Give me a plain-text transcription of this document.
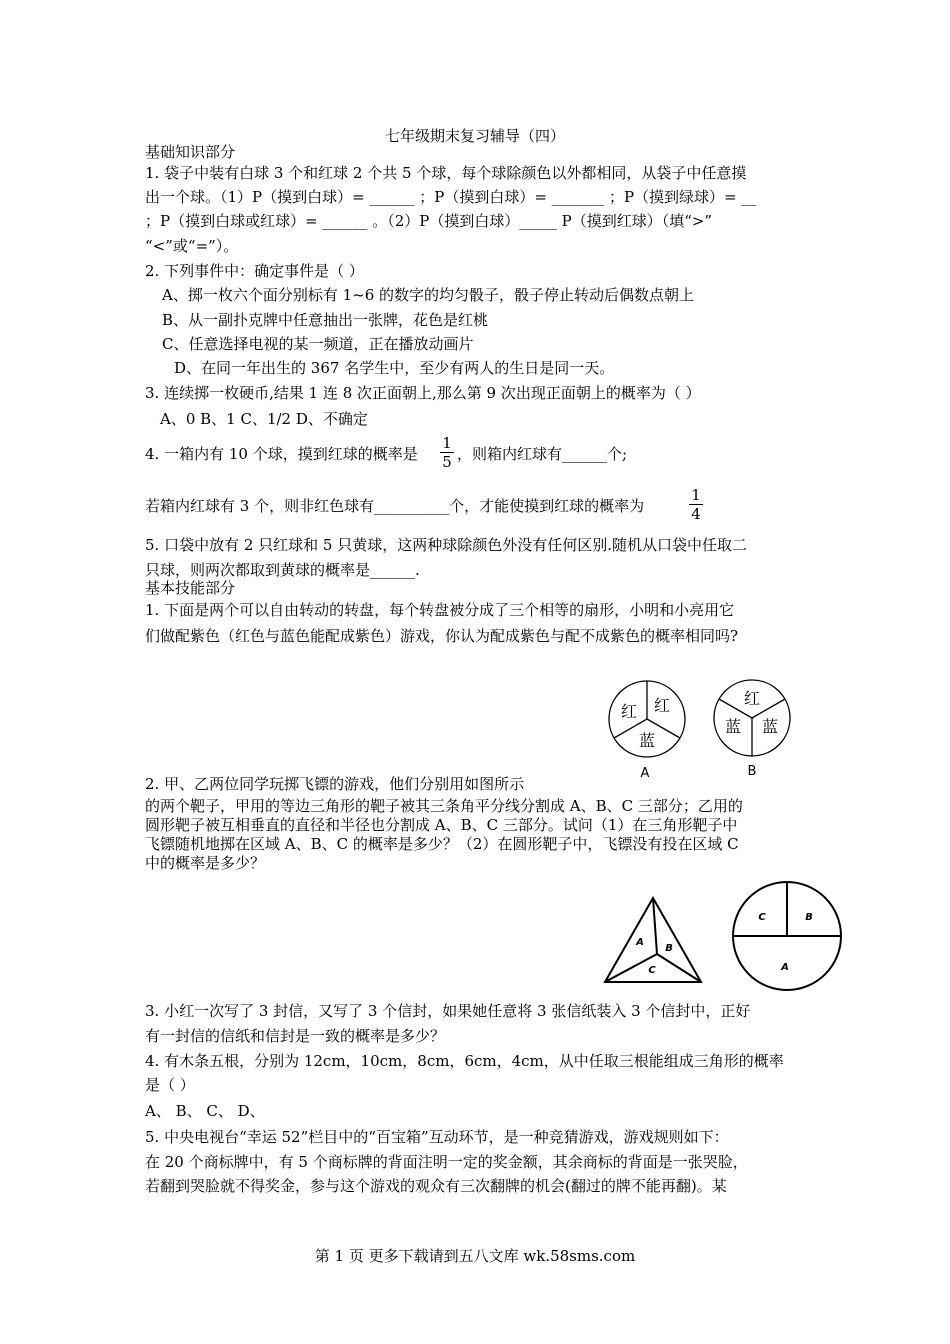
七年级期末复习辅导（四）
基础知识部分
1. 袋子中装有白球 3 个和红球 2 个共 5 个球，每个球除颜色以外都相同，从袋子中任意摸
出一个球。（1）P（摸到白球）= ______ ；P（摸到白球）= _______ ；P（摸到绿球）= __
；P（摸到白球或红球）= ______ 。（2）P（摸到白球）_____ P（摸到红球）（填“>”
“<”或“=”）。
2. 下列事件中：确定事件是（ ）
A、掷一枚六个面分别标有 1~6 的数字的均匀骰子，骰子停止转动后偶数点朝上
B、从一副扑克牌中任意抽出一张牌，花色是红桃
C、任意选择电视的某一频道，正在播放动画片
D、在同一年出生的 367 名学生中，至少有两人的生日是同一天。
3. 连续掷一枚硬币,结果 1 连 8 次正面朝上,那么第 9 次出现正面朝上的概率为（ ）
A、0 B、1 C、1/2 D、不确定
4. 一箱内有 10 个球，摸到红球的概率是
1
5 ，则箱内红球有______个;
若箱内红球有 3 个，则非红色球有__________个，才能使摸到红球的概率为
1
4
5. 口袋中放有 2 只红球和 5 只黄球，这两种球除颜色外没有任何区别.随机从口袋中任取二
只球，则两次都取到黄球的概率是______.
基本技能部分
1. 下面是两个可以自由转动的转盘，每个转盘被分成了三个相等的扇形，小明和小亮用它
们做配紫色（红色与蓝色能配成紫色）游戏，你认为配成紫色与配不成紫色的概率相同吗?
红 红
蓝
A
红
蓝 蓝
B
2. 甲、乙两位同学玩掷飞镖的游戏，他们分别用如图所示
的两个靶子，甲用的等边三角形的靶子被其三条角平分线分割成 A、B、C 三部分；乙用的
圆形靶子被互相垂直的直径和半径也分割成 A、B、C 三部分。试问（1）在三角形靶子中
飞镖随机地掷在区域 A、B、C 的概率是多少？（2）在圆形靶子中，飞镖没有投在区域 C
中的概率是多少？
A
B
C
C	B
A
3. 小红一次写了 3 封信，又写了 3 个信封，如果她任意将 3 张信纸装入 3 个信封中，正好
有一封信的信纸和信封是一致的概率是多少？
4. 有木条五根，分别为 12cm，10cm，8cm，6cm，4cm，从中任取三根能组成三角形的概率
是（ ）
A、 B、 C、 D、
5. 中央电视台“幸运 52”栏目中的“百宝箱”互动环节，是一种竞猜游戏，游戏规则如下：
在 20 个商标牌中，有 5 个商标牌的背面注明一定的奖金额，其余商标的背面是一张哭脸，
若翻到哭脸就不得奖金，参与这个游戏的观众有三次翻牌的机会(翻过的牌不能再翻)。某
第 1 页 更多下载请到五八文库 wk.58sms.com
